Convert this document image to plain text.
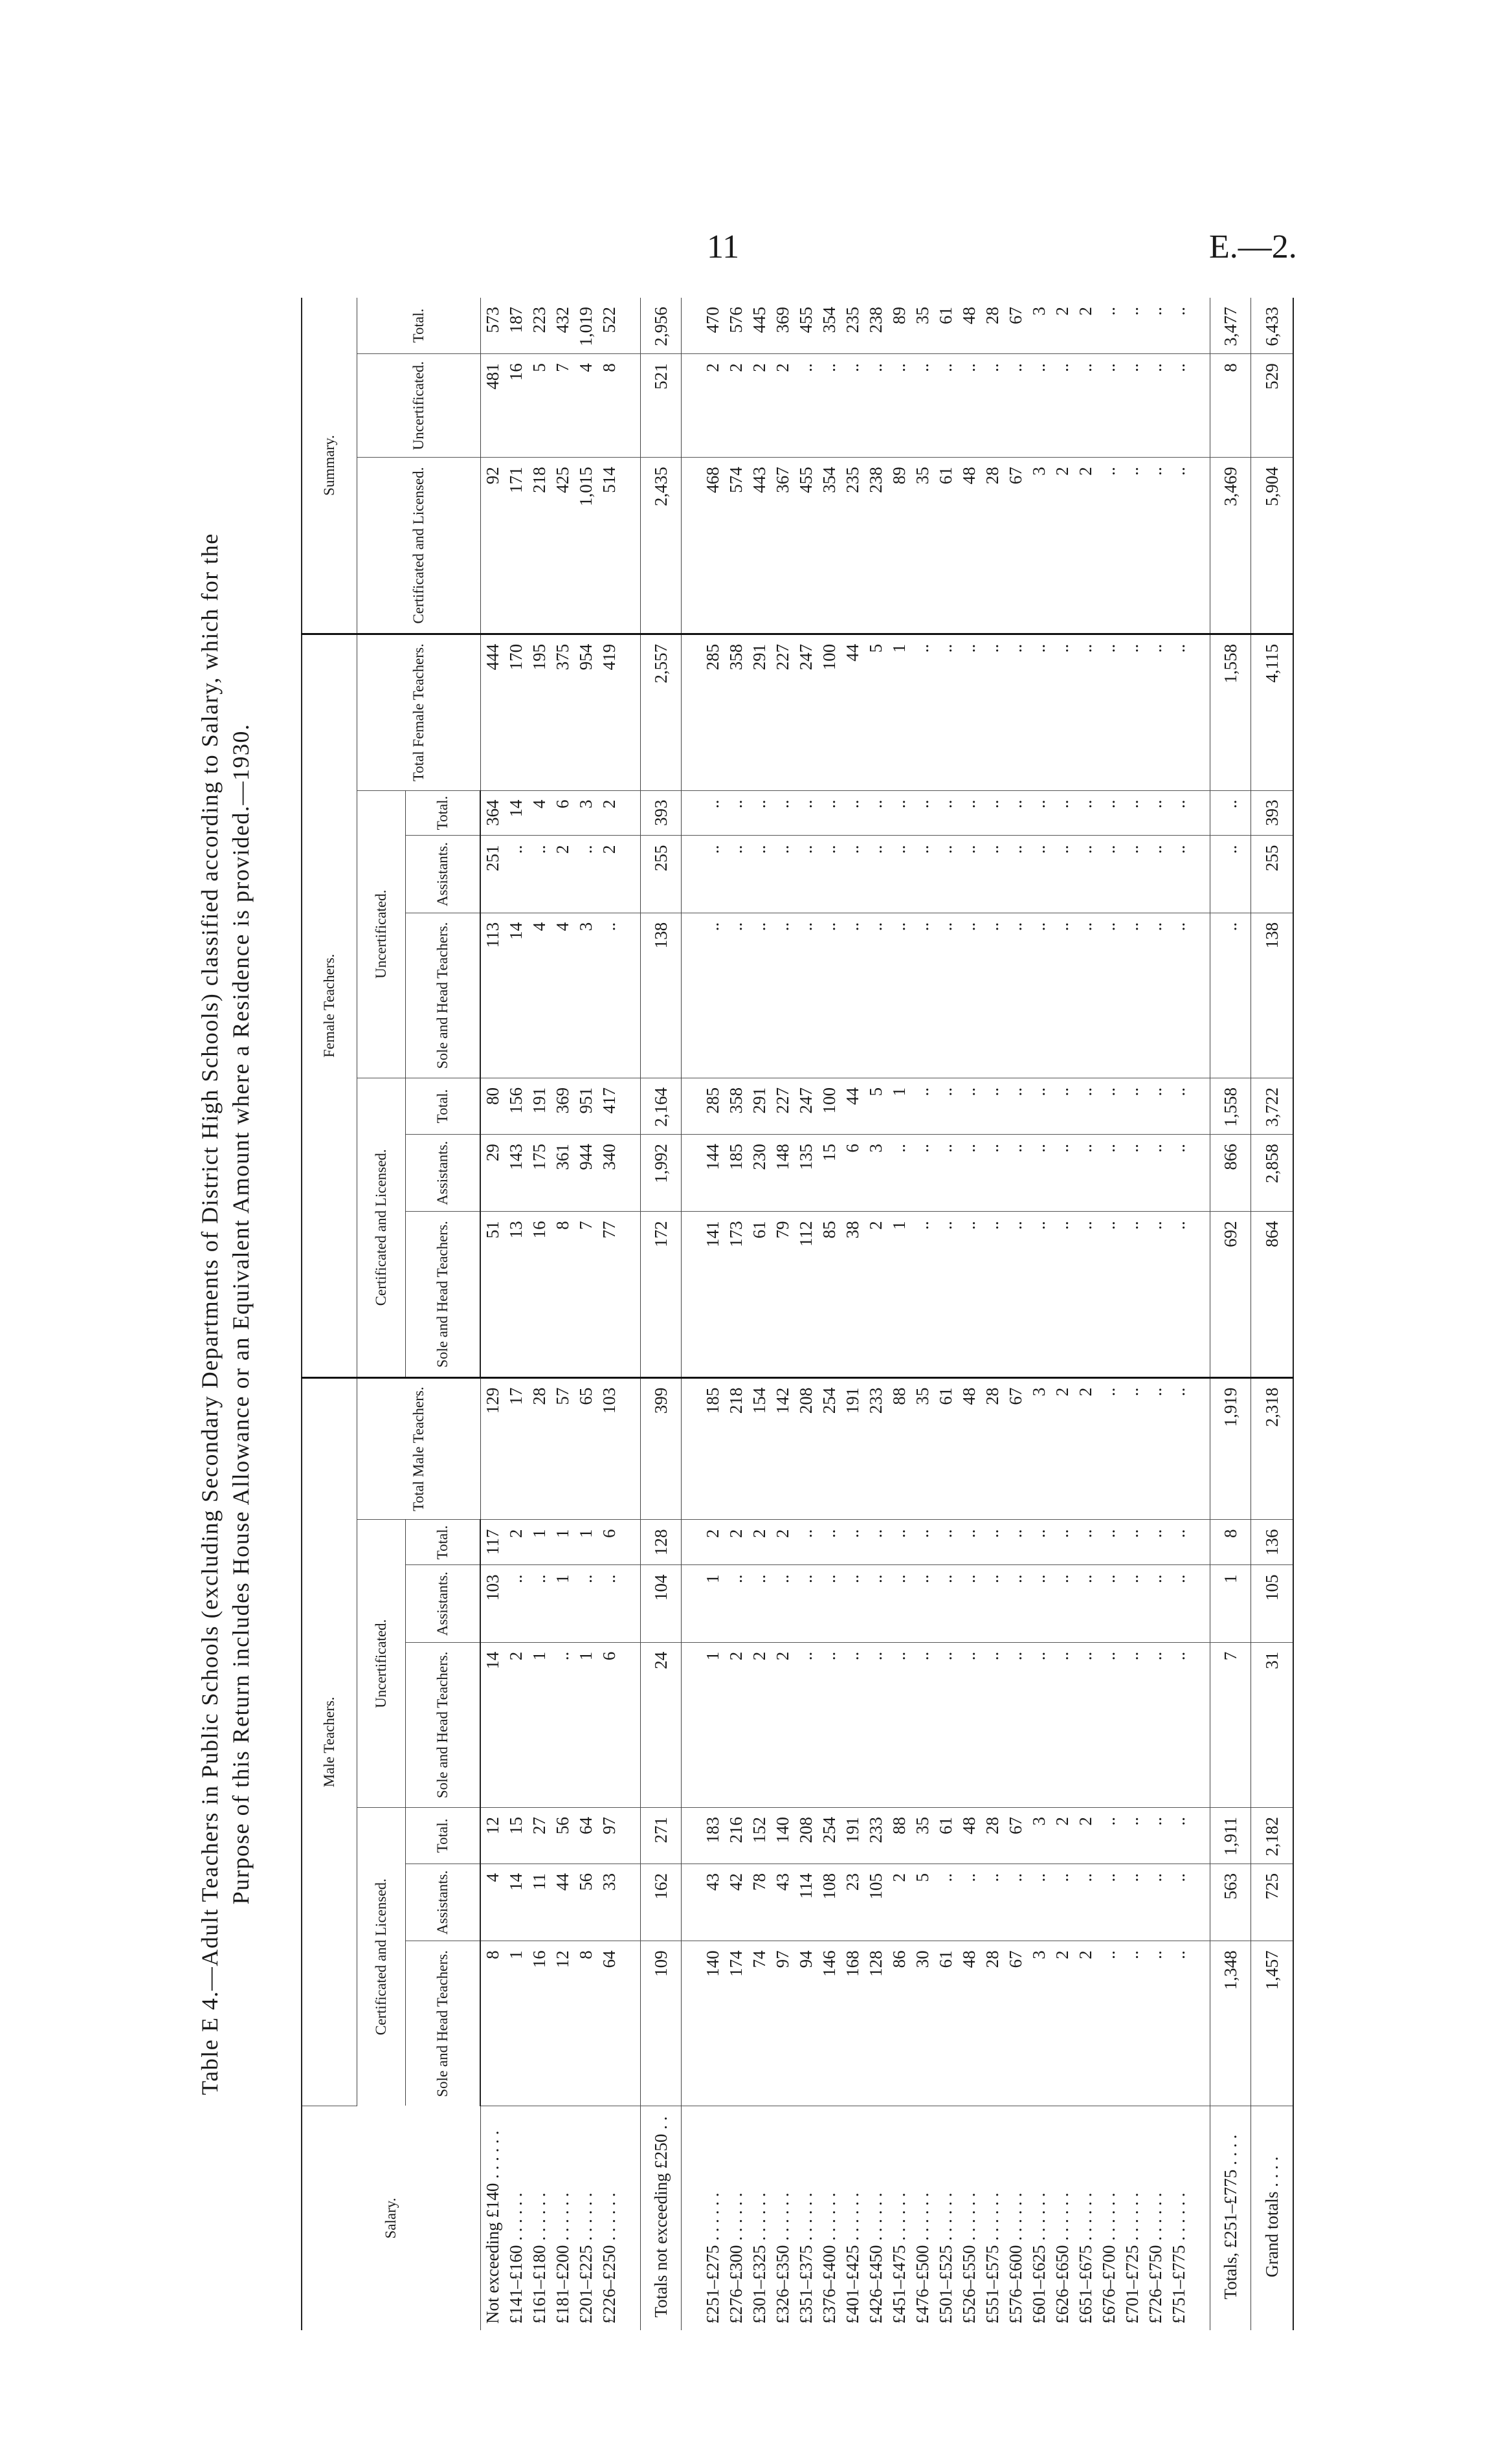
11	E.—2.
Table E 4.—Adult Teachers in Public Schools (excluding Secondary Departments of District High Schools) classified according to Salary, which for the Purpose of this Return includes House Allowance or an Equivalent Amount where a Residence is provided.—1930.
Salary.	Male Teachers.							Female Teachers.							Summary.		
	Certificated and Licensed.			Uncertificated.			Total Male Teachers.	Certificated and Licensed.			Uncertificated.			Total Female Teachers.	Certificated and Licensed.	Uncertificated.	Total.
	Sole and Head Teachers.	Assistants.	Total.	Sole and Head Teachers.	Assistants.	Total.		Sole and Head Teachers.	Assistants.	Total.	Sole and Head Teachers.	Assistants.	Total.				
Not exceeding £140 . . . . . .	8	4	12	14	103	117	129	51	29	80	113	251	364	444	92	481	573
£141–£160 . . . . . .	1	14	15	2	..	2	17	13	143	156	14	..	14	170	171	16	187
£161–£180 . . . . . .	16	11	27	1	..	1	28	16	175	191	4	..	4	195	218	5	223
£181–£200 . . . . . .	12	44	56	..	1	1	57	8	361	369	4	2	6	375	425	7	432
£201–£225 . . . . . .	8	56	64	1	..	1	65	7	944	951	3	..	3	954	1,015	4	1,019
£226–£250 . . . . . .	64	33	97	6	..	6	103	77	340	417	..	2	2	419	514	8	522

Totals not exceeding £250 . .	109	162	271	24	104	128	399	172	1,992	2,164	138	255	393	2,557	2,435	521	2,956

£251–£275 . . . . . .	140	43	183	1	1	2	185	141	144	285	..	..	..	285	468	2	470
£276–£300 . . . . . .	174	42	216	2	..	2	218	173	185	358	..	..	..	358	574	2	576
£301–£325 . . . . . .	74	78	152	2	..	2	154	61	230	291	..	..	..	291	443	2	445
£326–£350 . . . . . .	97	43	140	2	..	2	142	79	148	227	..	..	..	227	367	2	369
£351–£375 . . . . . .	94	114	208	..	..	..	208	112	135	247	..	..	..	247	455	..	455
£376–£400 . . . . . .	146	108	254	..	..	..	254	85	15	100	..	..	..	100	354	..	354
£401–£425 . . . . . .	168	23	191	..	..	..	191	38	6	44	..	..	..	44	235	..	235
£426–£450 . . . . . .	128	105	233	..	..	..	233	2	3	5	..	..	..	5	238	..	238
£451–£475 . . . . . .	86	2	88	..	..	..	88	1	..	1	..	..	..	1	89	..	89
£476–£500 . . . . . .	30	5	35	..	..	..	35	..	..	..	..	..	..	..	35	..	35
£501–£525 . . . . . .	61	..	61	..	..	..	61	..	..	..	..	..	..	..	61	..	61
£526–£550 . . . . . .	48	..	48	..	..	..	48	..	..	..	..	..	..	..	48	..	48
£551–£575 . . . . . .	28	..	28	..	..	..	28	..	..	..	..	..	..	..	28	..	28
£576–£600 . . . . . .	67	..	67	..	..	..	67	..	..	..	..	..	..	..	67	..	67
£601–£625 . . . . . .	3	..	3	..	..	..	3	..	..	..	..	..	..	..	3	..	3
£626–£650 . . . . . .	2	..	2	..	..	..	2	..	..	..	..	..	..	..	2	..	2
£651–£675 . . . . . .	2	..	2	..	..	..	2	..	..	..	..	..	..	..	2	..	2
£676–£700 . . . . . .	..	..	..	..	..	..	..	..	..	..	..	..	..	..	..	..	..
£701–£725 . . . . . .	..	..	..	..	..	..	..	..	..	..	..	..	..	..	..	..	..
£726–£750 . . . . . .	..	..	..	..	..	..	..	..	..	..	..	..	..	..	..	..	..
£751–£775 . . . . . .	..	..	..	..	..	..	..	..	..	..	..	..	..	..	..	..	..

Totals, £251–£775 . . . .	1,348	563	1,911	7	1	8	1,919	692	866	1,558	..	..	..	1,558	3,469	8	3,477
Grand totals . . . .	1,457	725	2,182	31	105	136	2,318	864	2,858	3,722	138	255	393	4,115	5,904	529	6,433
